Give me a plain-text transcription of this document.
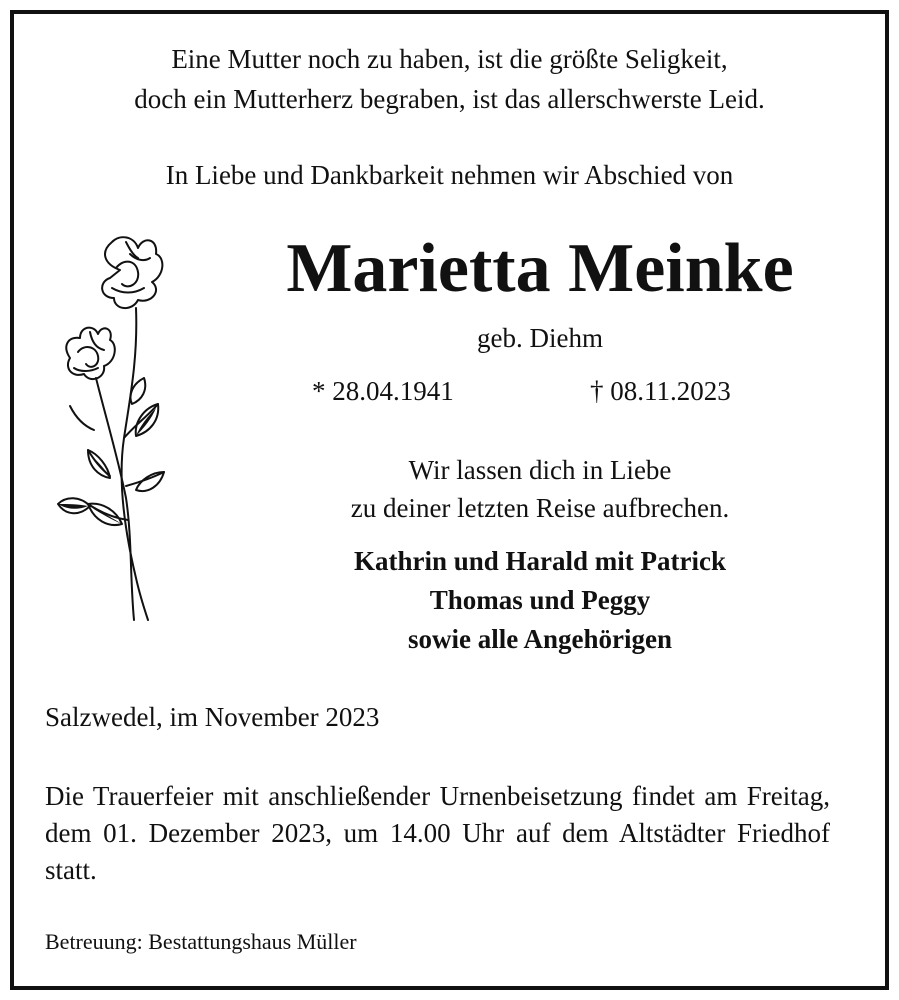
Eine Mutter noch zu haben, ist die größte Seligkeit,
doch ein Mutterherz begraben, ist das allerschwerste Leid.
In Liebe und Dankbarkeit nehmen wir Abschied von
Marietta Meinke
geb. Diehm
* 28.04.1941	† 08.11.2023
Wir lassen dich in Liebe
zu deiner letzten Reise aufbrechen.
Kathrin und Harald mit Patrick
Thomas und Peggy
sowie alle Angehörigen
Salzwedel, im November 2023
Die Trauerfeier mit anschließender Urnenbeisetzung findet am Freitag, dem 01. Dezember 2023, um 14.00 Uhr auf dem Altstädter Friedhof statt.
Betreuung: Bestattungshaus Müller
